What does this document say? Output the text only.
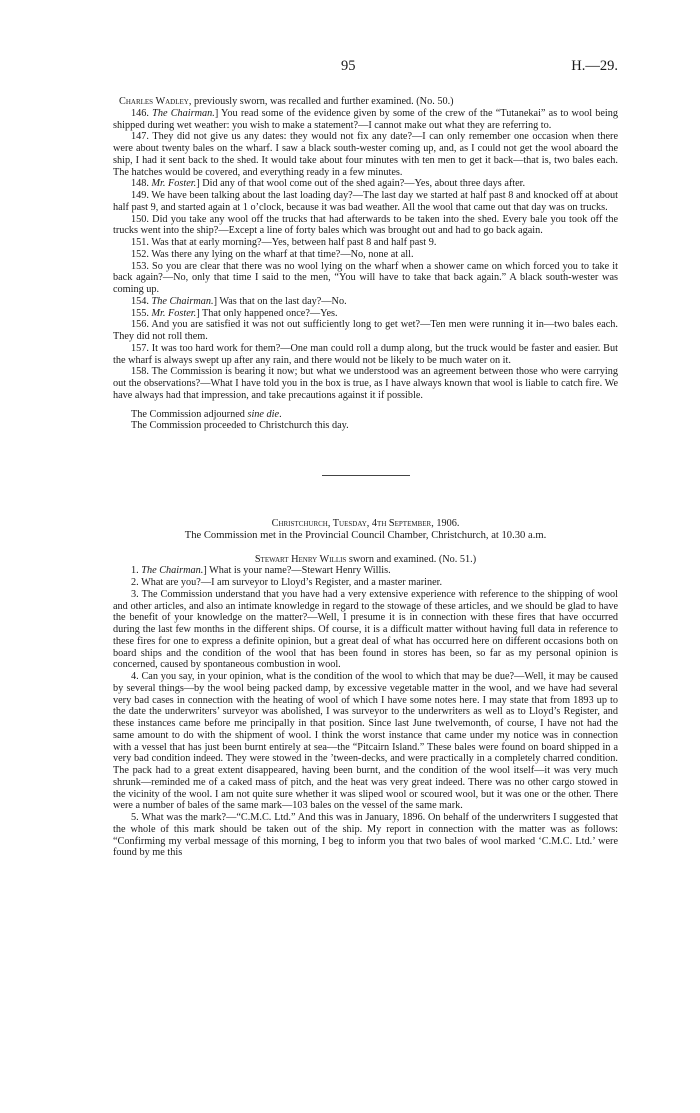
95	H.—29.

Charles Wadley, previously sworn, was recalled and further examined. (No. 50.)

146. The Chairman.] You read some of the evidence given by some of the crew of the “Tutanekai” as to wool being shipped during wet weather: you wish to make a statement?—I cannot make out what they are referring to.

147. They did not give us any dates: they would not fix any date?—I can only remember one occasion when there were about twenty bales on the wharf. I saw a black south-wester coming up, and, as I could not get the wool aboard the ship, I had it sent back to the shed. It would take about four minutes with ten men to get it back—that is, two bales each. The hatches would be covered, and everything ready in a few minutes.

148. Mr. Foster.] Did any of that wool come out of the shed again?—Yes, about three days after.

149. We have been talking about the last loading day?—The last day we started at half past 8 and knocked off at about half past 9, and started again at 1 o’clock, because it was bad weather. All the wool that came out that day was on trucks.

150. Did you take any wool off the trucks that had afterwards to be taken into the shed. Every bale you took off the trucks went into the ship?—Except a line of forty bales which was brought out and had to go back again.

151. Was that at early morning?—Yes, between half past 8 and half past 9.

152. Was there any lying on the wharf at that time?—No, none at all.

153. So you are clear that there was no wool lying on the wharf when a shower came on which forced you to take it back again?—No, only that time I said to the men, “You will have to take that back again.” A black south-wester was coming up.

154. The Chairman.] Was that on the last day?—No.

155. Mr. Foster.] That only happened once?—Yes.

156. And you are satisfied it was not out sufficiently long to get wet?—Ten men were running it in—two bales each. They did not roll them.

157. It was too hard work for them?—One man could roll a dump along, but the truck would be faster and easier. But the wharf is always swept up after any rain, and there would not be likely to be much water on it.

158. The Commission is bearing it now; but what we understood was an agreement between those who were carrying out the observations?—What I have told you in the box is true, as I have always known that wool is liable to catch fire. We have always had that impression, and take precautions against it if possible.

The Commission adjourned sine die.

The Commission proceeded to Christchurch this day.

Christchurch, Tuesday, 4th September, 1906.

The Commission met in the Provincial Council Chamber, Christchurch, at 10.30 a.m.

Stewart Henry Willis sworn and examined. (No. 51.)

1. The Chairman.] What is your name?—Stewart Henry Willis.

2. What are you?—I am surveyor to Lloyd’s Register, and a master mariner.

3. The Commission understand that you have had a very extensive experience with reference to the shipping of wool and other articles, and also an intimate knowledge in regard to the stowage of these articles, and we should be glad to have the benefit of your knowledge on the matter?—Well, I presume it is in connection with these fires that have occurred during the last few months in the different ships. Of course, it is a difficult matter without having full data in reference to these fires for one to express a definite opinion, but a great deal of what has occurred here on different occasions both on board ships and the condition of the wool that has been found in stores has been, so far as my personal opinion is concerned, caused by spontaneous combustion in wool.

4. Can you say, in your opinion, what is the condition of the wool to which that may be due?—Well, it may be caused by several things—by the wool being packed damp, by excessive vegetable matter in the wool, and we have had several very bad cases in connection with the heating of wool of which I have some notes here. I may state that from 1893 up to the date the underwriters’ surveyor was abolished, I was surveyor to the underwriters as well as to Lloyd’s Register, and these instances came before me principally in that position. Since last June twelvemonth, of course, I have not had the same amount to do with the shipment of wool. I think the worst instance that came under my notice was in connection with a vessel that has just been burnt entirely at sea—the “Pitcairn Island.” These bales were found on board shipped in a very bad condition indeed. They were stowed in the ’tween-decks, and were practically in a completely charred condition. The pack had to a great extent disappeared, having been burnt, and the condition of the wool itself—it was very much shrunk—reminded me of a caked mass of pitch, and the heat was very great indeed. There was no other cargo stowed in the vicinity of the wool. I am not quite sure whether it was sliped wool or scoured wool, but it was one or the other. There were a number of bales of the same mark—103 bales on the vessel of the same mark.

5. What was the mark?—“C.M.C. Ltd.” And this was in January, 1896. On behalf of the underwriters I suggested that the whole of this mark should be taken out of the ship. My report in connection with the matter was as follows: “Confirming my verbal message of this morning, I beg to inform you that two bales of wool marked ‘C.M.C. Ltd.’ were found by me this
